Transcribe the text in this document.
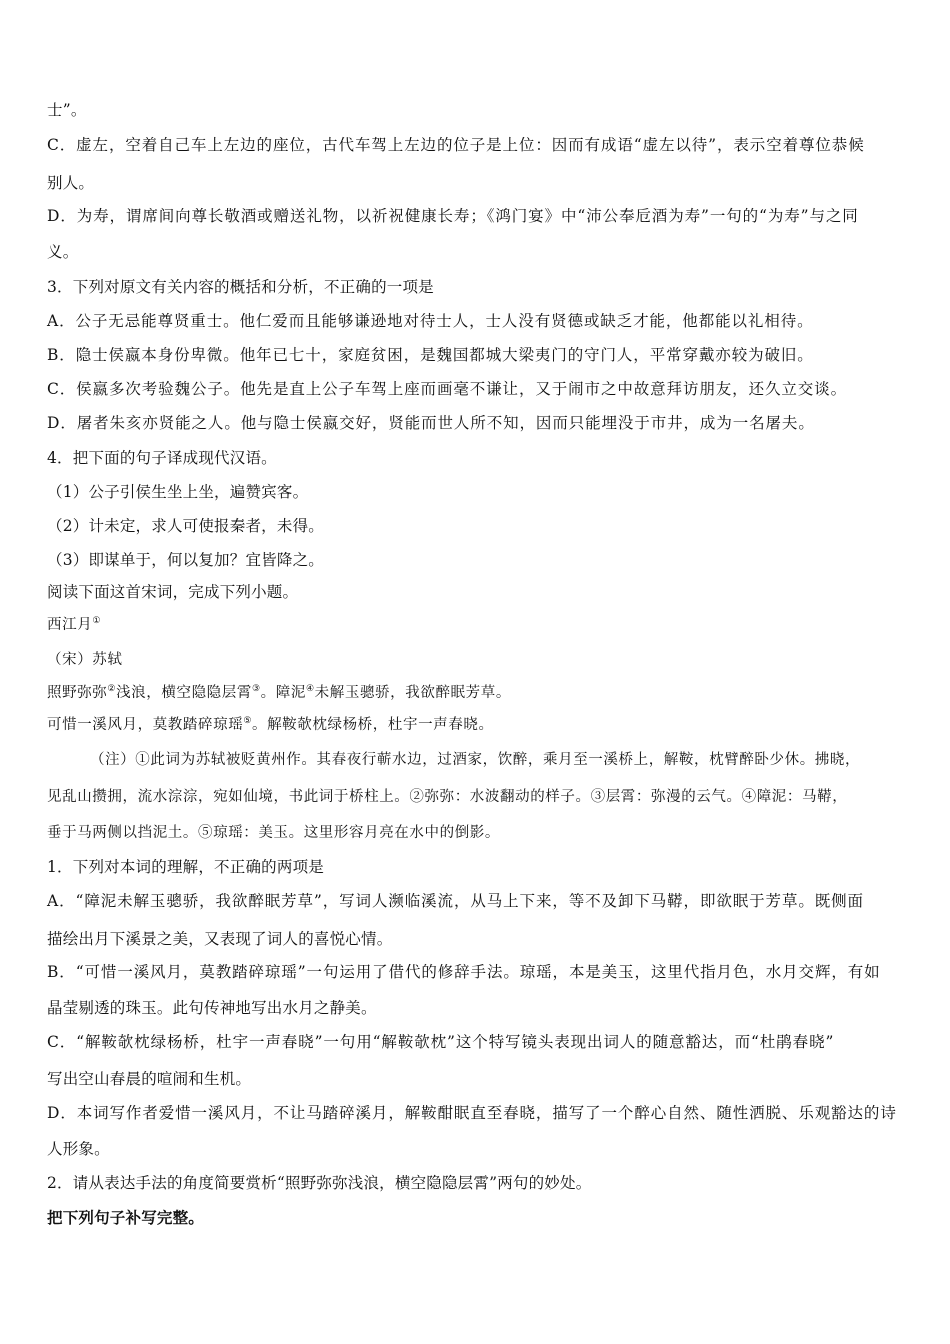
士”。
C．虚左，空着自己车上左边的座位，古代车驾上左边的位子是上位：因而有成语“虚左以待”，表示空着尊位恭候
别人。
D．为寿，谓席间向尊长敬酒或赠送礼物，以祈祝健康长寿；《鸿门宴》中“沛公奉卮酒为寿”一句的“为寿”与之同
义。
3．下列对原文有关内容的概括和分析，不正确的一项是
A．公子无忌能尊贤重士。他仁爱而且能够谦逊地对待士人，士人没有贤德或缺乏才能，他都能以礼相待。
B．隐士侯嬴本身份卑微。他年已七十，家庭贫困，是魏国都城大梁夷门的守门人，平常穿戴亦较为破旧。
C．侯嬴多次考验魏公子。他先是直上公子车驾上座而画毫不谦让，又于闹市之中故意拜访朋友，还久立交谈。
D．屠者朱亥亦贤能之人。他与隐士侯嬴交好，贤能而世人所不知，因而只能埋没于市井，成为一名屠夫。
4．把下面的句子译成现代汉语。
（1）公子引侯生坐上坐，遍赞宾客。
（2）计未定，求人可使报秦者，未得。
（3）即谋单于，何以复加？宜皆降之。
阅读下面这首宋词，完成下列小题。
西江月①
（宋）苏轼
照野弥弥②浅浪，横空隐隐层霄③。障泥④未解玉骢骄，我欲醉眠芳草。
可惜一溪风月，莫教踏碎琼瑶⑤。解鞍欹枕绿杨桥，杜宇一声春晓。
（注）①此词为苏轼被贬黄州作。其春夜行蕲水边，过酒家，饮醉，乘月至一溪桥上，解鞍，枕臂醉卧少休。拂晓，
见乱山攒拥，流水淙淙，宛如仙境，书此词于桥柱上。②弥弥：水波翻动的样子。③层霄：弥漫的云气。④障泥：马鞯，
垂于马两侧以挡泥土。⑤琼瑶：美玉。这里形容月亮在水中的倒影。
1．下列对本词的理解，不正确的两项是
A．“障泥未解玉骢骄，我欲醉眠芳草”，写词人濒临溪流，从马上下来，等不及卸下马鞯，即欲眠于芳草。既侧面
描绘出月下溪景之美，又表现了词人的喜悦心情。
B．“可惜一溪风月，莫教踏碎琼瑶”一句运用了借代的修辞手法。琼瑶，本是美玉，这里代指月色，水月交辉，有如
晶莹剔透的珠玉。此句传神地写出水月之静美。
C．“解鞍欹枕绿杨桥，杜宇一声春晓”一句用“解鞍欹枕”这个特写镜头表现出词人的随意豁达，而“杜鹃春晓”
写出空山春晨的喧闹和生机。
D．本词写作者爱惜一溪风月，不让马踏碎溪月，解鞍酣眠直至春晓，描写了一个醉心自然、随性洒脱、乐观豁达的诗
人形象。
2．请从表达手法的角度简要赏析“照野弥弥浅浪，横空隐隐层霄”两句的妙处。
把下列句子补写完整。
